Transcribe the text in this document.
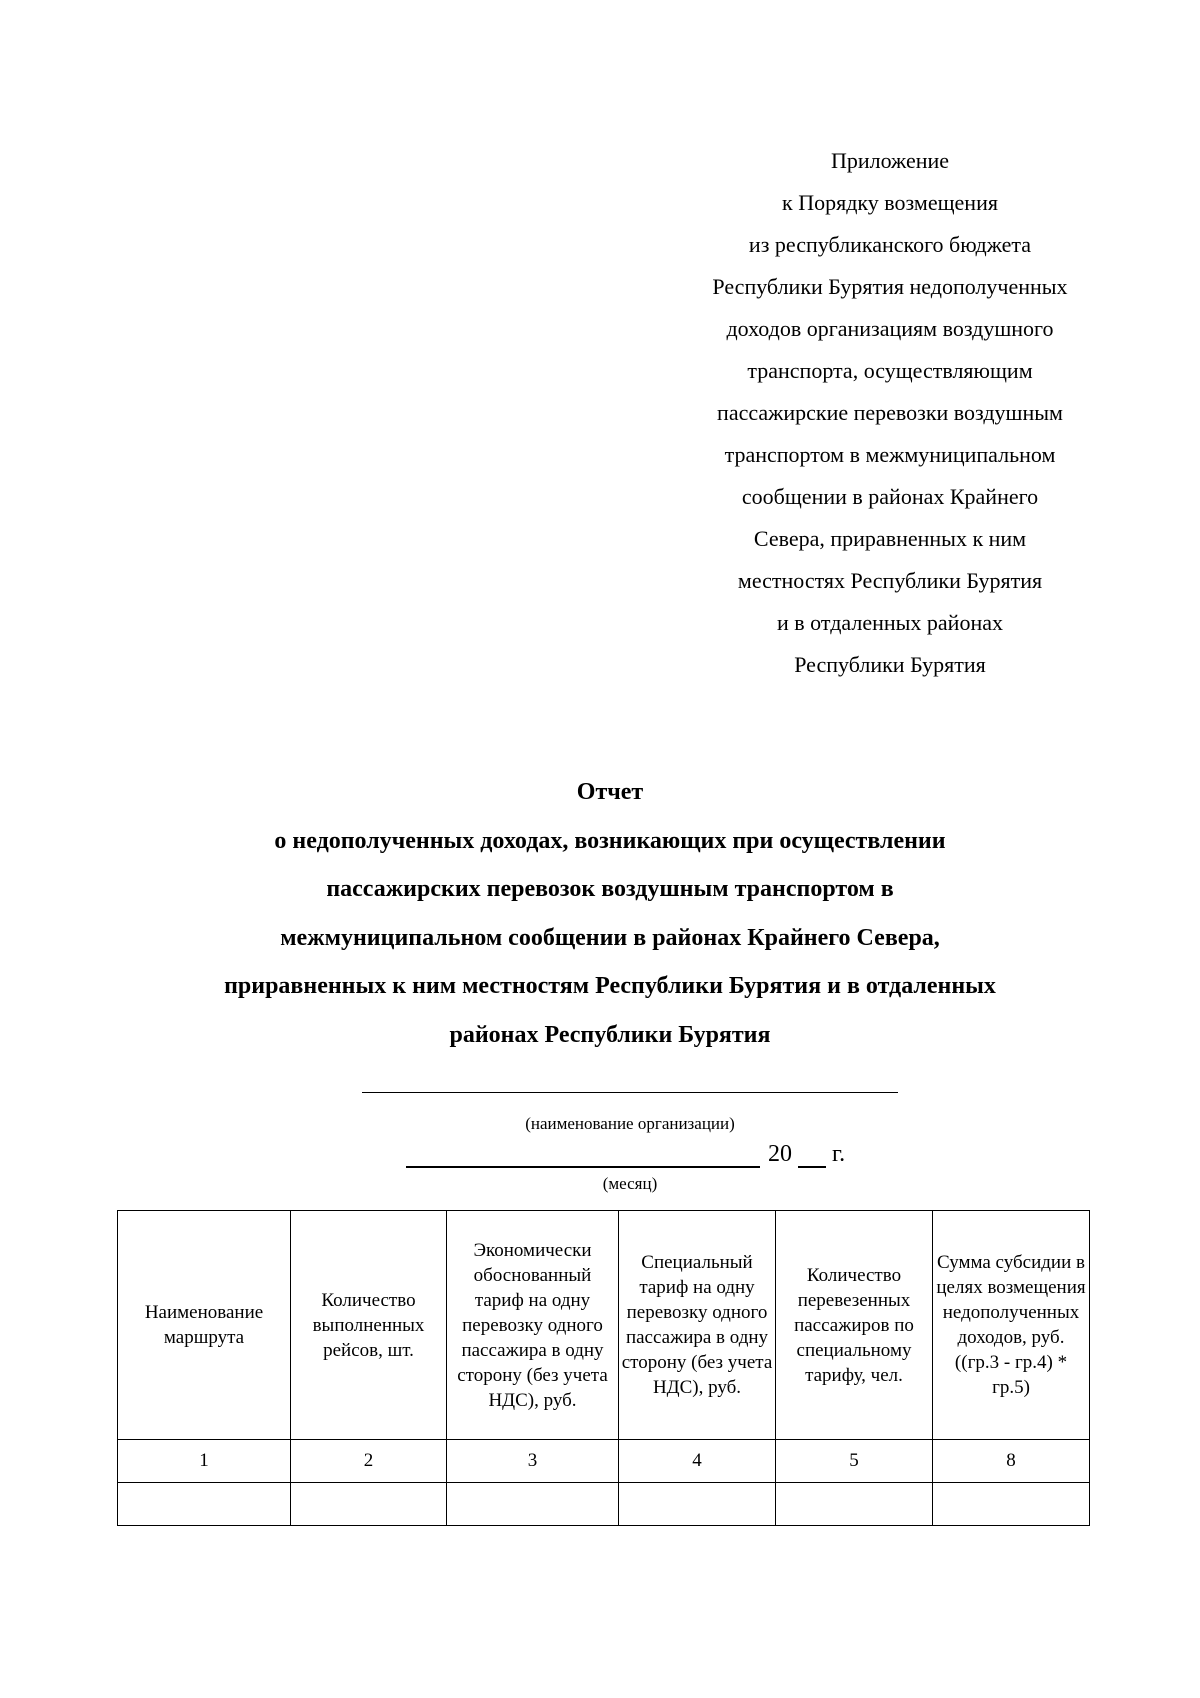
Приложение
к Порядку возмещения
из республиканского бюджета
Республики Бурятия недополученных
доходов организациям воздушного
транспорта, осуществляющим
пассажирские перевозки воздушным
транспортом в межмуниципальном
сообщении в районах Крайнего
Севера, приравненных к ним
местностях Республики Бурятия
и в отдаленных районах
Республики Бурятия
Отчет
о недополученных доходах, возникающих при осуществлении
пассажирских перевозок воздушным транспортом в
межмуниципальном сообщении в районах Крайнего Севера,
приравненных к ним местностям Республики Бурятия и в отдаленных
районах Республики Бурятия
(наименование организации)
20 г.
(месяц)
Наименование маршрута	Количество выполненных рейсов, шт.	Экономически обоснованный тариф на одну перевозку одного пассажира в одну сторону (без учета НДС), руб.	Специальный тариф на одну перевозку одного пассажира в одну сторону (без учета НДС), руб.	Количество перевезенных пассажиров по специальному тарифу, чел.	Сумма субсидии в целях возмещения недополученных доходов, руб. ((гр.3 - гр.4) * гр.5)
1	2	3	4	5	8
